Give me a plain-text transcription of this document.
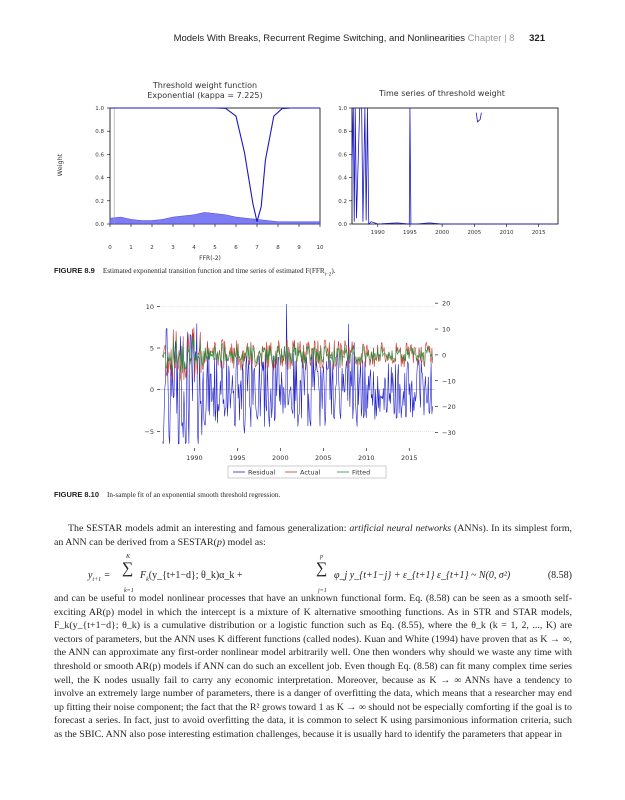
Models With Breaks, Recurrent Regime Switching, and Nonlinearities Chapter | 8 321
Threshold weight function
Exponential (kappa = 7.225)	Time series of threshold weight
Weight
FFR(-2)
1.0
0.8
0.6
0.4
0.2
0.0
0	1	2	3	4	5	6	7	8	9	10
1.0
0.8
0.6
0.4
0.2
0.0
1990	1995	2000	2005	2010	2015
FIGURE 8.9 Estimated exponential transition function and time series of estimated $F(FFR_{t-2})$.
20
10
0
−10
−20
−30
10
5
0
−5
1990	1995	2000	2005	2010	2015
Residual	Actual	Fitted
FIGURE 8.10 In-sample fit of an exponential smooth threshold regression.

The SESTAR models admit an interesting and famous generalization: artificial neural networks (ANNs). In its simplest form, an ANN can be derived from a SESTAR(p) model as:

$y_{t+1}$ =
K
∑
k=1
$F_k(y\_\{t+1-d\}$; θ_k)α_k +
p
∑
j=1
φ_j y_{t+1−j} + ε_{t+1} ε_{t+1} ~ N(0, σ²)	(8.58)

and can be useful to model nonlinear processes that have an unknown functional form. Eq. (8.58) can be seen as a smooth self-exciting AR(p) model in which the intercept is a mixture of K alternative smoothing functions. As in STR and STAR models, F_k(y_{t+1−d}; θ_k) is a cumulative distribution or a logistic function such as Eq. (8.55), where the θ_k (k = 1, 2, ..., K) are vectors of parameters, but the ANN uses K different functions (called nodes). Kuan and White (1994) have proven that as K → ∞, the ANN can approximate any first-order nonlinear model arbitrarily well. One then wonders why should we waste any time with threshold or smooth AR(p) models if ANN can do such an excellent job. Even though Eq. (8.58) can fit many complex time series well, the K nodes usually fail to carry any economic interpretation. Moreover, because as K → ∞ ANNs have a tendency to involve an extremely large number of parameters, there is a danger of overfitting the data, which means that a researcher may end up fitting their noise component; the fact that the R² grows toward 1 as K → ∞ should not be especially comforting if the goal is to forecast a series. In fact, just to avoid overfitting the data, it is common to select K using parsimonious information criteria, such as the SBIC. ANN also pose interesting estimation challenges, because it is usually hard to identify the parameters that appear in
